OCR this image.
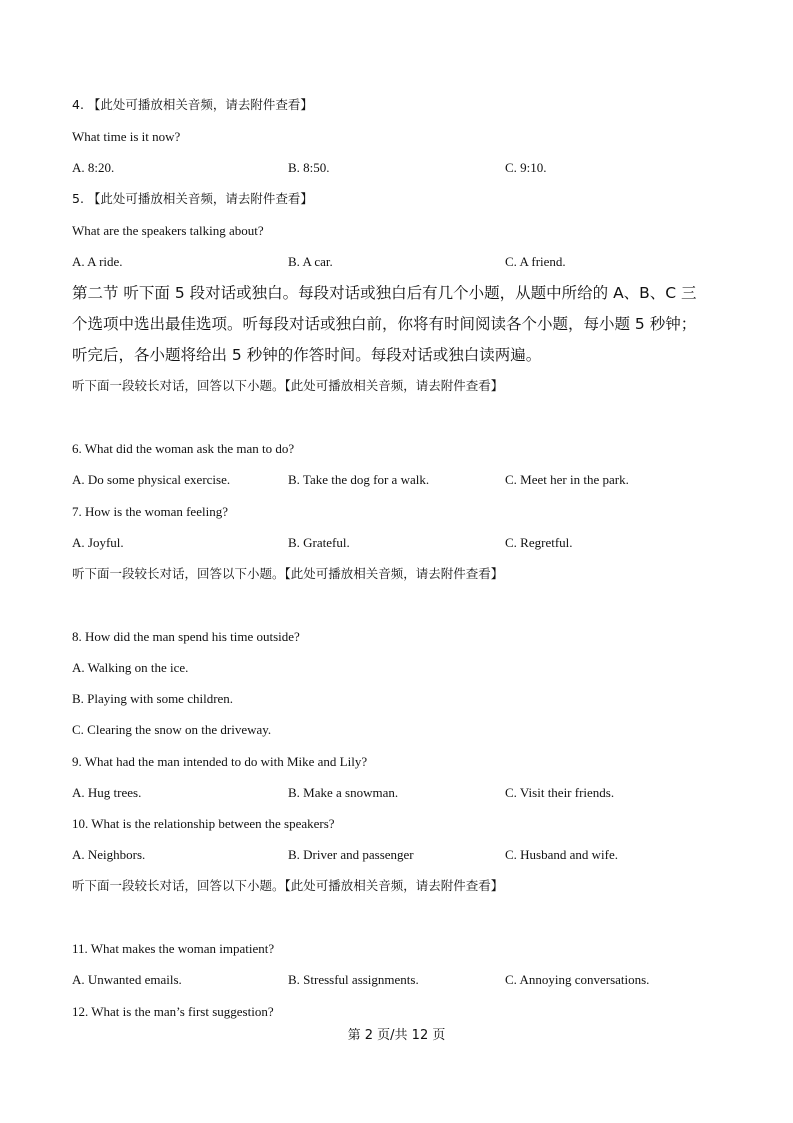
4. 【此处可播放相关音频，请去附件查看】
What time is it now?
A. 8:20.	B. 8:50.	C. 9:10.
5. 【此处可播放相关音频，请去附件查看】
What are the speakers talking about?
A. A ride.	B. A car.	C. A friend.
第二节 听下面 5 段对话或独白。每段对话或独白后有几个小题，从题中所给的 A、B、C 三
个选项中选出最佳选项。听每段对话或独白前，你将有时间阅读各个小题，每小题 5 秒钟；
听完后，各小题将给出 5 秒钟的作答时间。每段对话或独白读两遍。
听下面一段较长对话，回答以下小题。【此处可播放相关音频，请去附件查看】
6. What did the woman ask the man to do?
A. Do some physical exercise.	B. Take the dog for a walk.	C. Meet her in the park.
7. How is the woman feeling?
A. Joyful.	B. Grateful.	C. Regretful.
听下面一段较长对话，回答以下小题。【此处可播放相关音频，请去附件查看】
8. How did the man spend his time outside?
A. Walking on the ice.
B. Playing with some children.
C. Clearing the snow on the driveway.
9. What had the man intended to do with Mike and Lily?
A. Hug trees.	B. Make a snowman.	C. Visit their friends.
10. What is the relationship between the speakers?
A. Neighbors.	B. Driver and passenger	C. Husband and wife.
听下面一段较长对话，回答以下小题。【此处可播放相关音频，请去附件查看】
11. What makes the woman impatient?
A. Unwanted emails.	B. Stressful assignments.	C. Annoying conversations.
12. What is the man’s first suggestion?
第 2 页/共 12 页
